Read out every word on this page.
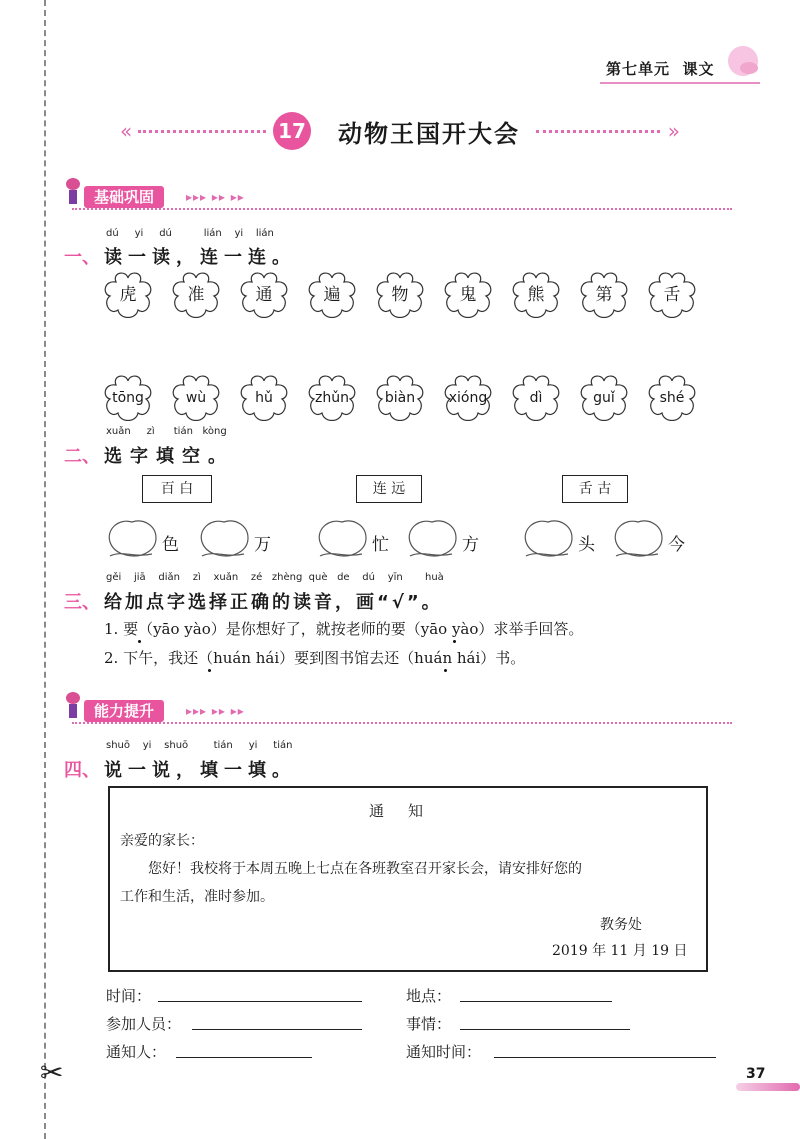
✂
第七单元 课文
«	17 动物王国开大会	»
基础巩固	▸▸▸ ▸▸ ▸▸
dú yi dú	lián yi lián
一、 读一读，连一连。
虎	准	通	遍	物	鬼	熊	第	舌
tōng	wù	hǔ	zhǔn	biàn	xióng	dì	guǐ	shé
xuǎn zì tián kòng
二、 选字填空。
百 白	连 远	舌 古
色	万	忙	方	头	今
gěi jiā diǎn zì xuǎn zé zhèng què de dú yīn huà
三、 给加点字选择正确的读音，画“√”。
1. 要（yāo yào）是你想好了，就按老师的要（yāo yào）求举手回答。
2. 下午，我还（huán hái）要到图书馆去还（huán hái）书。
能力提升	▸▸▸ ▸▸ ▸▸
shuō yi shuō	tián yi tián
四、 说一说，填一填。
通知
亲爱的家长：
您好！我校将于本周五晚上七点在各班教室召开家长会，请安排好您的
工作和生活，准时参加。
教务处
2019 年 11 月 19 日
时间：	地点：
参加人员：	事情：
通知人：	通知时间：
37
